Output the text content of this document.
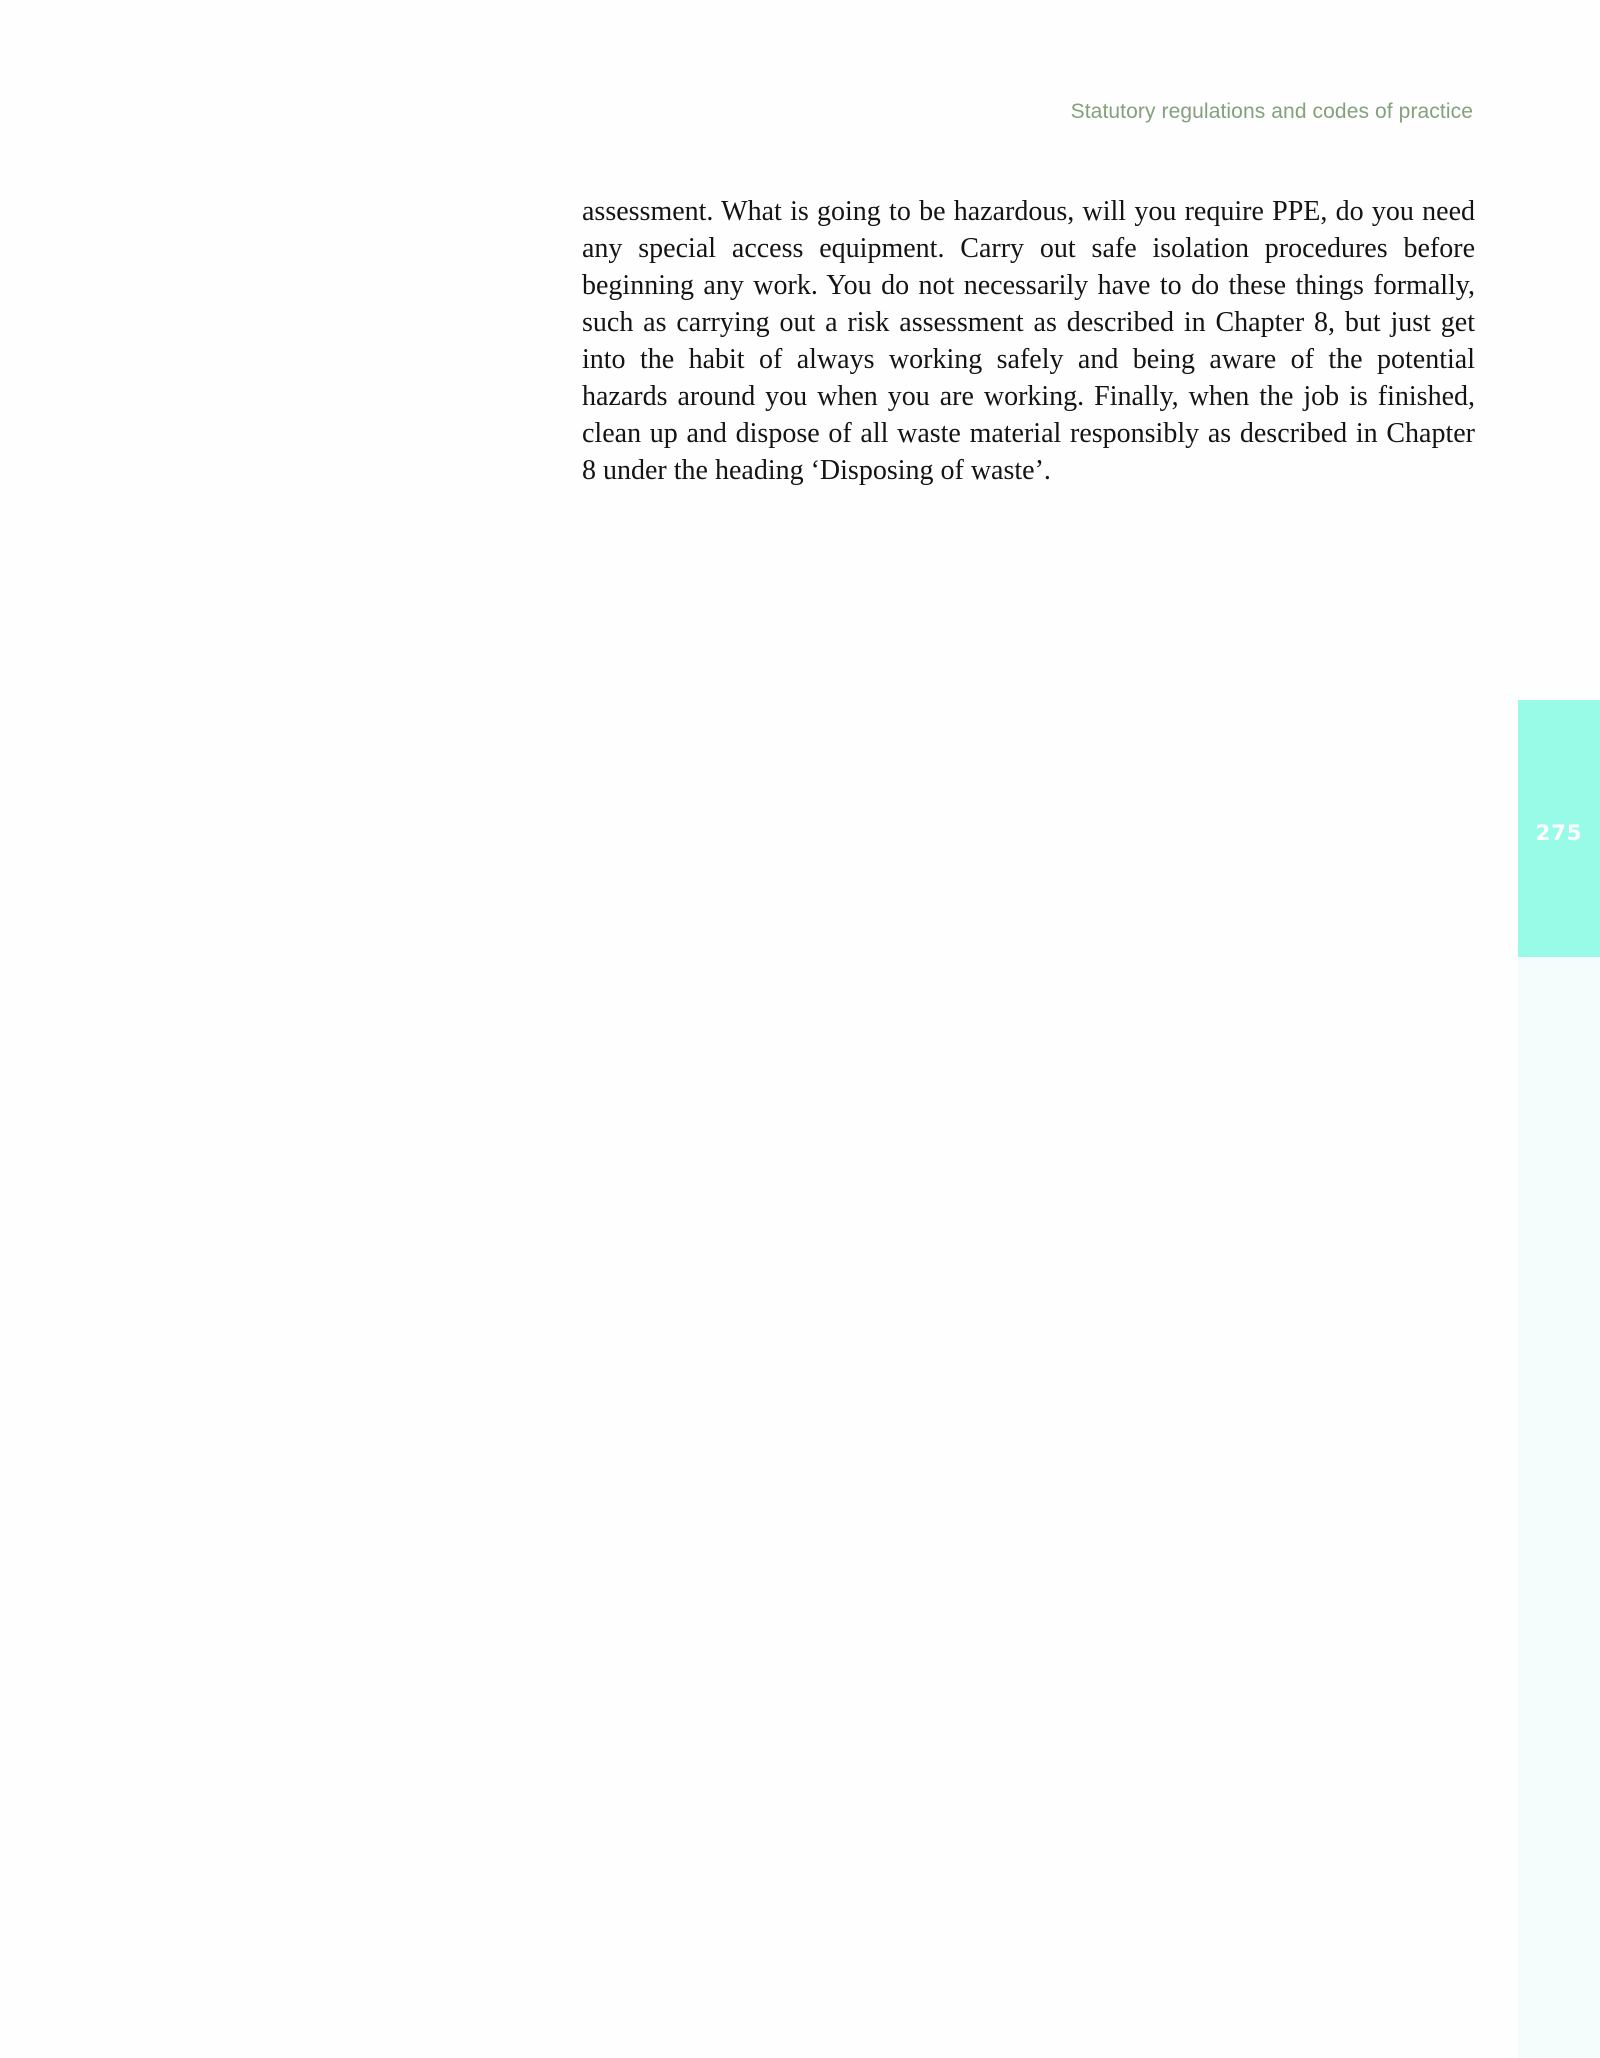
Statutory regulations and codes of practice

assessment. What is going to be hazardous, will you require PPE, do you need any special access equipment. Carry out safe isolation procedures before beginning any work. You do not necessarily have to do these things formally, such as carrying out a risk assessment as described in Chapter 8, but just get into the habit of always working safely and being aware of the potential hazards around you when you are working. Finally, when the job is finished, clean up and dispose of all waste material responsibly as described in Chapter 8 under the heading ‘Disposing of waste’.

275
